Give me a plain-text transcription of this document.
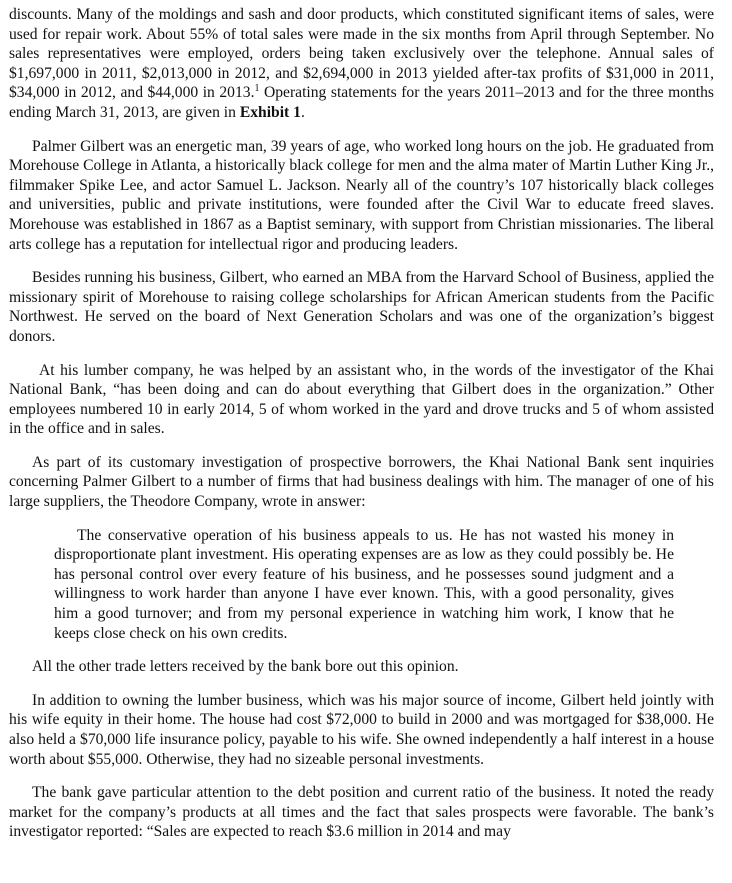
discounts. Many of the moldings and sash and door products, which constituted significant items of sales, were used for repair work. About 55% of total sales were made in the six months from April through September. No sales representatives were employed, orders being taken exclusively over the telephone. Annual sales of $1,697,000 in 2011, $2,013,000 in 2012, and $2,694,000 in 2013 yielded after-tax profits of $31,000 in 2011, $34,000 in 2012, and $44,000 in 2013.$^1$ Operating statements for the years 2011–2013 and for the three months ending March 31, 2013, are given in Exhibit 1.

Palmer Gilbert was an energetic man, 39 years of age, who worked long hours on the job. He graduated from Morehouse College in Atlanta, a historically black college for men and the alma mater of Martin Luther King Jr., filmmaker Spike Lee, and actor Samuel L. Jackson. Nearly all of the country’s 107 historically black colleges and universities, public and private institutions, were founded after the Civil War to educate freed slaves. Morehouse was established in 1867 as a Baptist seminary, with support from Christian missionaries. The liberal arts college has a reputation for intellectual rigor and producing leaders.

Besides running his business, Gilbert, who earned an MBA from the Harvard School of Business, applied the missionary spirit of Morehouse to raising college scholarships for African American students from the Pacific Northwest. He served on the board of Next Generation Scholars and was one of the organization’s biggest donors.

At his lumber company, he was helped by an assistant who, in the words of the investigator of the Khai National Bank, “has been doing and can do about everything that Gilbert does in the organization.” Other employees numbered 10 in early 2014, 5 of whom worked in the yard and drove trucks and 5 of whom assisted in the office and in sales.

As part of its customary investigation of prospective borrowers, the Khai National Bank sent inquiries concerning Palmer Gilbert to a number of firms that had business dealings with him. The manager of one of his large suppliers, the Theodore Company, wrote in answer:

The conservative operation of his business appeals to us. He has not wasted his money in disproportionate plant investment. His operating expenses are as low as they could possibly be. He has personal control over every feature of his business, and he possesses sound judgment and a willingness to work harder than anyone I have ever known. This, with a good personality, gives him a good turnover; and from my personal experience in watching him work, I know that he keeps close check on his own credits.

All the other trade letters received by the bank bore out this opinion.

In addition to owning the lumber business, which was his major source of income, Gilbert held jointly with his wife equity in their home. The house had cost $72,000 to build in 2000 and was mortgaged for $38,000. He also held a $70,000 life insurance policy, payable to his wife. She owned independently a half interest in a house worth about $55,000. Otherwise, they had no sizeable personal investments.

The bank gave particular attention to the debt position and current ratio of the business. It noted the ready market for the company’s products at all times and the fact that sales prospects were favorable. The bank’s investigator reported: “Sales are expected to reach $3.6 million in 2014 and may
